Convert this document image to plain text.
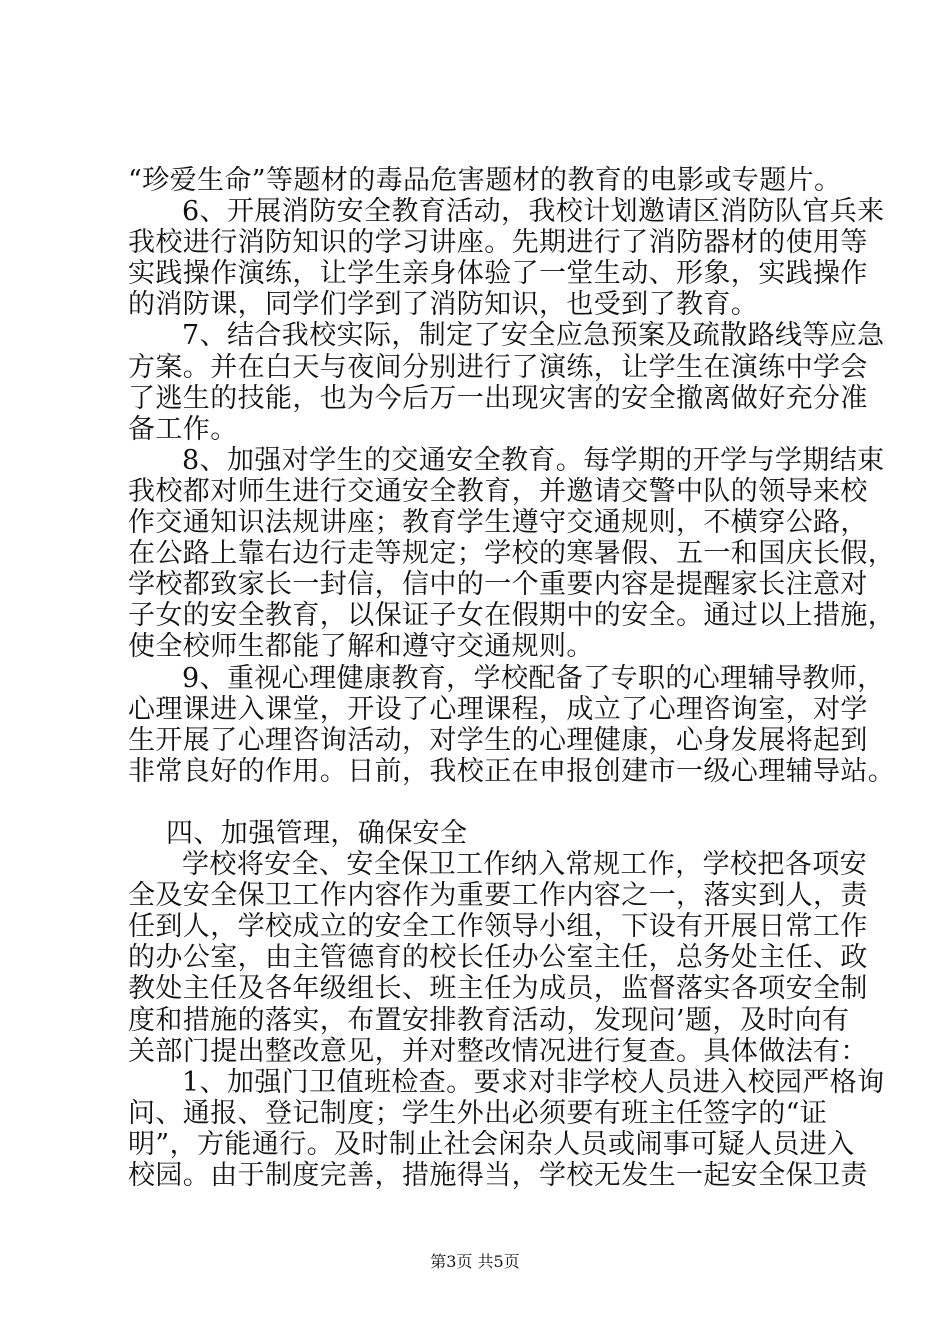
“珍爱生命”等题材的毒品危害题材的教育的电影或专题片。
6、开展消防安全教育活动，我校计划邀请区消防队官兵来
我校进行消防知识的学习讲座。先期进行了消防器材的使用等
实践操作演练，让学生亲身体验了一堂生动、形象，实践操作
的消防课，同学们学到了消防知识，也受到了教育。
7、结合我校实际，制定了安全应急预案及疏散路线等应急
方案。并在白天与夜间分别进行了演练，让学生在演练中学会
了逃生的技能，也为今后万一出现灾害的安全撤离做好充分准
备工作。
8、加强对学生的交通安全教育。每学期的开学与学期结束
我校都对师生进行交通安全教育，并邀请交警中队的领导来校
作交通知识法规讲座；教育学生遵守交通规则，不横穿公路，
在公路上靠右边行走等规定；学校的寒暑假、五一和国庆长假，
学校都致家长一封信，信中的一个重要内容是提醒家长注意对
子女的安全教育，以保证子女在假期中的安全。通过以上措施，
使全校师生都能了解和遵守交通规则。
9、重视心理健康教育，学校配备了专职的心理辅导教师，
心理课进入课堂，开设了心理课程，成立了心理咨询室，对学
生开展了心理咨询活动，对学生的心理健康，心身发展将起到
非常良好的作用。日前，我校正在申报创建市一级心理辅导站。
四、加强管理，确保安全
学校将安全、安全保卫工作纳入常规工作，学校把各项安
全及安全保卫工作内容作为重要工作内容之一，落实到人，责
任到人，学校成立的安全工作领导小组，下设有开展日常工作
的办公室，由主管德育的校长任办公室主任，总务处主任、政
教处主任及各年级组长、班主任为成员，监督落实各项安全制
度和措施的落实，布置安排教育活动，发现问’题，及时向有
关部门提出整改意见，并对整改情况进行复查。具体做法有：
1、加强门卫值班检查。要求对非学校人员进入校园严格询
问、通报、登记制度；学生外出必须要有班主任签字的“证
明”，方能通行。及时制止社会闲杂人员或闹事可疑人员进入
校园。由于制度完善，措施得当，学校无发生一起安全保卫责
第3页 共5页
